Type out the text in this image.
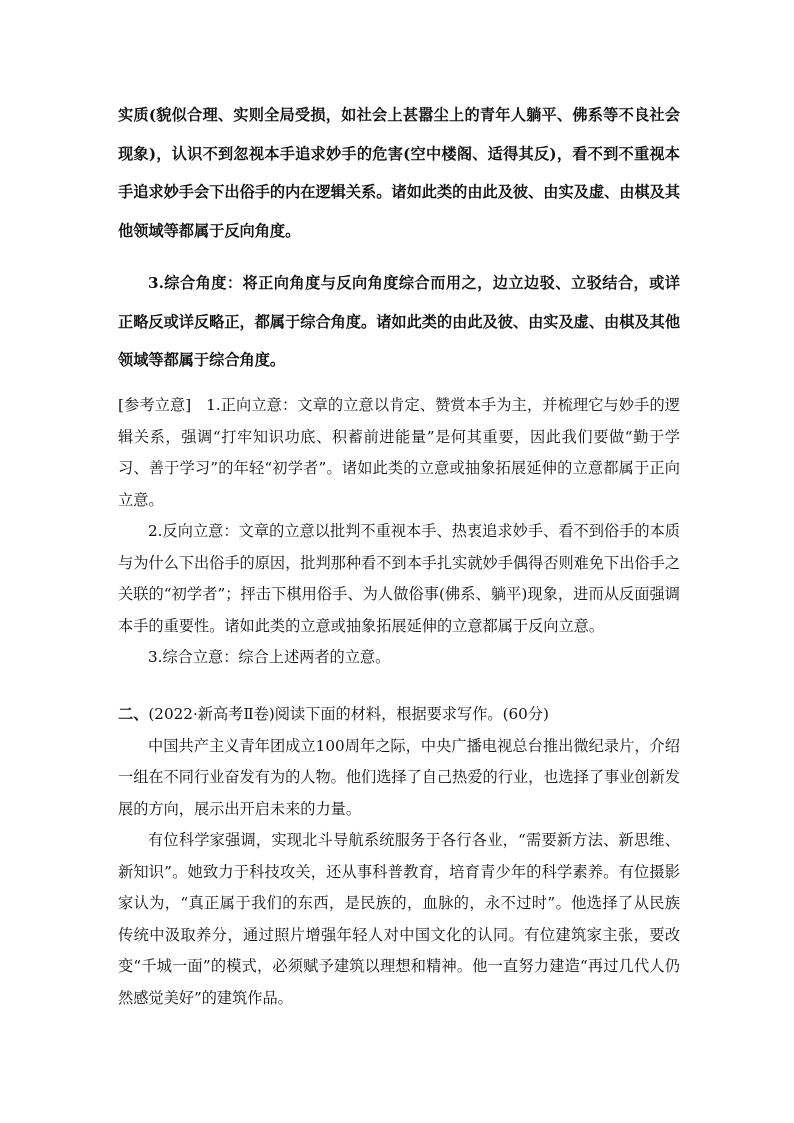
实质(貌似合理、实则全局受损，如社会上甚嚣尘上的青年人躺平、佛系等不良社会现象)，认识不到忽视本手追求妙手的危害(空中楼阁、适得其反)，看不到不重视本手追求妙手会下出俗手的内在逻辑关系。诸如此类的由此及彼、由实及虚、由棋及其他领域等都属于反向角度。

3.综合角度：将正向角度与反向角度综合而用之，边立边驳、立驳结合，或详正略反或详反略正，都属于综合角度。诸如此类的由此及彼、由实及虚、由棋及其他领域等都属于综合角度。

[参考立意] 1.正向立意：文章的立意以肯定、赞赏本手为主，并梳理它与妙手的逻辑关系，强调“打牢知识功底、积蓄前进能量”是何其重要，因此我们要做“勤于学习、善于学习”的年轻“初学者”。诸如此类的立意或抽象拓展延伸的立意都属于正向立意。

2.反向立意：文章的立意以批判不重视本手、热衷追求妙手、看不到俗手的本质与为什么下出俗手的原因，批判那种看不到本手扎实就妙手偶得否则难免下出俗手之关联的“初学者”；抨击下棋用俗手、为人做俗事(佛系、躺平)现象，进而从反面强调本手的重要性。诸如此类的立意或抽象拓展延伸的立意都属于反向立意。

3.综合立意：综合上述两者的立意。

二、(2022·新高考Ⅱ卷)阅读下面的材料，根据要求写作。(60分)

中国共产主义青年团成立100周年之际，中央广播电视总台推出微纪录片，介绍一组在不同行业奋发有为的人物。他们选择了自己热爱的行业，也选择了事业创新发展的方向，展示出开启未来的力量。

有位科学家强调，实现北斗导航系统服务于各行各业，“需要新方法、新思维、新知识”。她致力于科技攻关，还从事科普教育，培育青少年的科学素养。有位摄影家认为，“真正属于我们的东西，是民族的，血脉的，永不过时”。他选择了从民族传统中汲取养分，通过照片增强年轻人对中国文化的认同。有位建筑家主张，要改变“千城一面”的模式，必须赋予建筑以理想和精神。他一直努力建造“再过几代人仍然感觉美好”的建筑作品。
